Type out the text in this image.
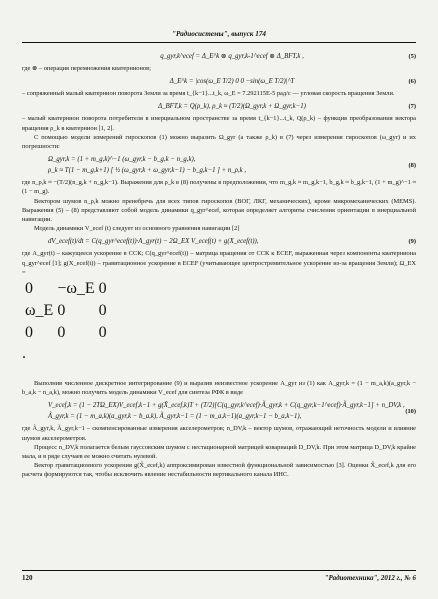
"Радиосистемы", выпуск 174
q_gyr,k^ecef = Δ_E^k ⊗ q_gyr,k-1^ecef ⊗ Δ_BFT,k ,	(5)

где ⊗ – операция перемножения кватернионов;

Δ_E^k = |cos(ω_E T/2) 0 0 −sin(ω_E T/2)|^T	(6)

– сопряженный малый кватернион поворота Земли за время t_{k−1}...t_k, ω_E = 7.292115E-5 рад/с — угловая скорость вращения Земли.

Δ_BFT,k = Q(ρ_k), ρ_k ≈ (T/2)(Ω_gyr,k + Ω_gyr,k−1)	(7)

– малый кватернион поворота потребителя в инерциальном пространстве за время t_{k−1}...t_k, Q(ρ_k) – функция преобразования вектора вращения ρ_k в кватернион [1, 2].

С помощью модели измерений гироскопов (1) можно выразить Ω_gyr (а также ρ_k) в (7) через измерения гироскопов (ω_gyr) и их погрешности:

Ω_gyr,k = (1 + m_g,k)^−1 (ω_gyr,k − b_g,k − n_g,k),
ρ_k ≈ T(1 − m_g,k+1) [ ½ (ω_gyr,k + ω_gyr,k−1) − b_g,k−1 ] + n_ρ,k ,
(8)

где n_ρ,k ≈ −(T/2)(n_g,k + n_g,k−1). Выражения для ρ_k в (8) получены в предположении, что m_g,k ≈ m_g,k−1, b_g,k ≈ b_g,k−1, (1 + m_g)^−1 ≈ (1 − m_g).

Вектором шумов n_ρ,k можно пренебречь для всех типов гироскопов (ВОГ, ЛКГ, механических), кроме микромеханических (MEMS). Выражения (5) – (8) представляют собой модель динамики q_gyr^ecef, которая определяет алгориты счисления ориентации в инерциальной навигации.

Модель динамики V_ecef (t) следует из основного уравнения навигации [2]

dV_ecef(t)/dt = C(q_gyr^ecef(t))·A_gyr(t) − 2Ω_EX V_ecef(t) + g(X_ecef(t)),	(9)

где A_gyr(t) – кажущееся ускорение в ССК; C(q_gyr^ecef(t)) – матрица вращения от ССК к ECEF, выраженная через компоненты кватерниона q_gyr^ecef [1]; g(X_ecef(t)) – гравитационное ускорение в ECEF (учитывающее центростремительное ускорение из-за вращения Земли); Ω_EX =

0	−ω_E	0
ω_E	0	0
0	0	0
.

Выполнив численное дискретное интегрирование (9) и выразив неизвестное ускорение A_gyr из (1) как A_gyr,k = (1 − m_a,k)(a_gyr,k − b_a,k − n_a,k), можно получить модель динамики V_ecef для синтеза РФК в виде

V_ecef,k = (1 − 2TΩ_EX)V_ecef,k−1 + g(X̂_ecef,k)T + (T/2)[C(q_gyr,k^ecef)·Ã_gyr,k + C(q_gyr,k−1^ecef)·Ã_gyr,k−1] + n_DV,k ,
Ã_gyr,k = (1 − m_a,k)(a_gyr,k − b_a,k), Ã_gyr,k−1 = (1 − m_a,k−1)(a_gyr,k−1 − b_a,k−1),
(10)

где Ã_gyr,k, Ã_gyr,k−1 – скомпенсированные измерения акселерометров; n_DV,k – вектор шумов, отражающий неточность модели и влияние шумов акселерометров.

Процесс n_DV,k полагается белым гауссовским шумом с нестационарной матрицей ковариаций D_DV,k. При этом матрица D_DV,k крайне мала, и в ряде случаев ее можно считать нулевой.

Вектор гравитационного ускорения g(X̂_ecef,k) аппроксимирован известной функциональной зависимостью [3]. Оценки X̂_ecef,k для его расчета формируются так, чтобы исключить явление нестабильности вертикального канала ИНС.

120	"Радиотехника", 2012 г., № 6
